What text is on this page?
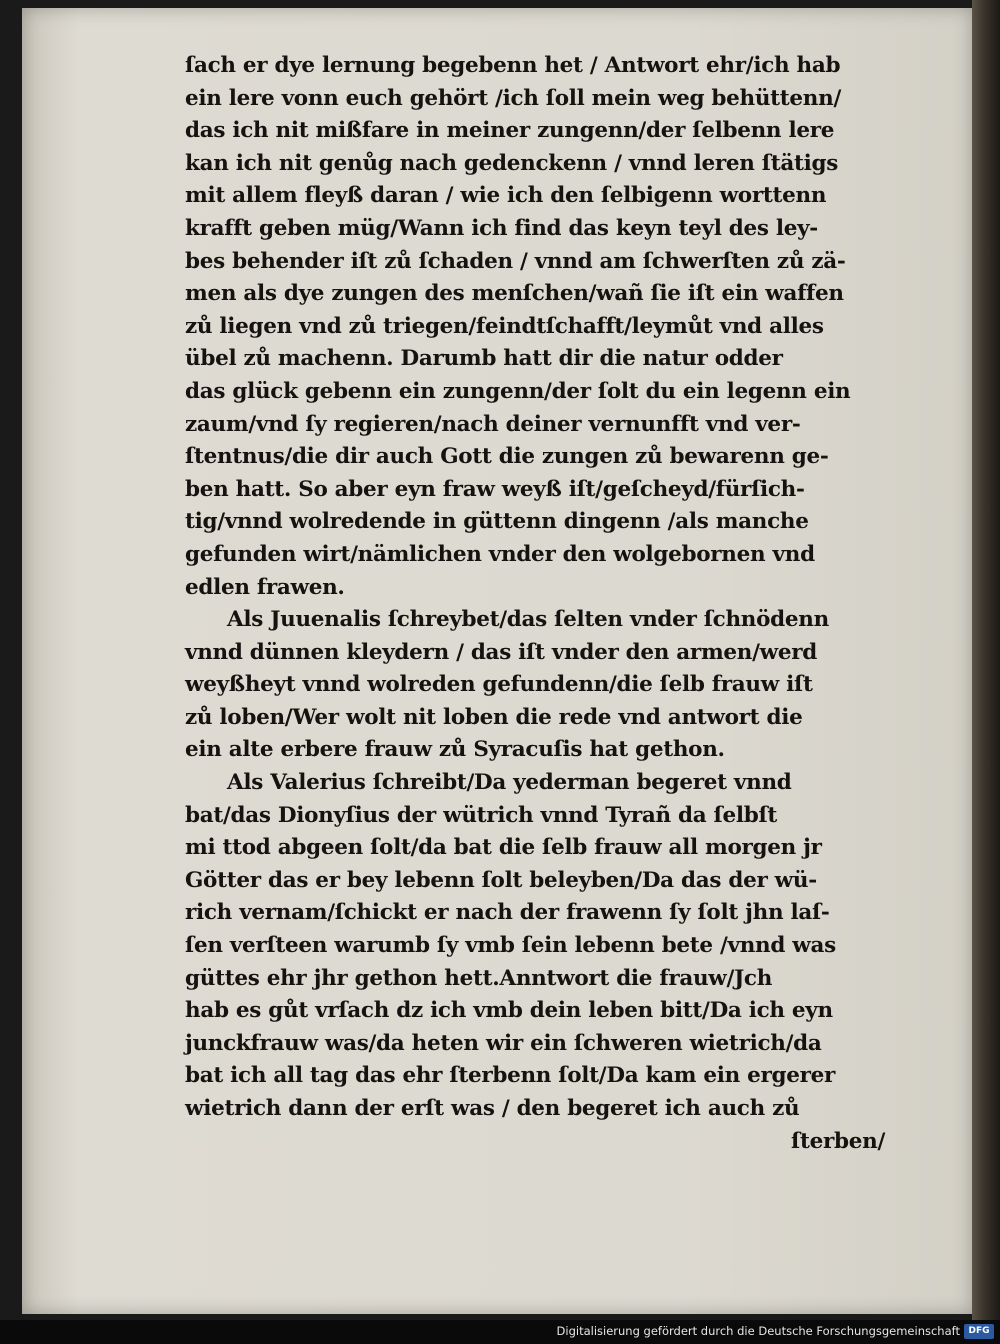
ſach er dye lernung begebenn het / Antwort ehr/ich hab
ein lere vonn euch gehört /ich ſoll mein weg behüttenn/
das ich nit mißfare in meiner zungenn/der ſelbenn lere
kan ich nit genůg nach gedenckenn / vnnd leren ſtätigs
mit allem fleyß daran / wie ich den ſelbigenn worttenn
krafft geben müg/Wann ich find das keyn teyl des ley-
bes behender iſt zů ſchaden / vnnd am ſchwerſten zů zä-
men als dye zungen des menſchen/wañ ſie iſt ein waffen
zů liegen vnd zů triegen/feindtſchafft/leymůt vnd alles
übel zů machenn. Darumb hatt dir die natur odder
das glück gebenn ein zungenn/der ſolt du ein legenn ein
zaum/vnd ſy regieren/nach deiner vernunfft vnd ver-
ſtentnus/die dir auch Gott die zungen zů bewarenn ge-
ben hatt. So aber eyn fraw weyß iſt/geſcheyd/fürſich-
tig/vnnd wolredende in güttenn dingenn /als manche
gefunden wirt/nämlichen vnder den wolgebornen vnd
edlen frawen.
Als Juuenalis ſchreybet/das ſelten vnder ſchnödenn
vnnd dünnen kleydern / das iſt vnder den armen/werd
weyßheyt vnnd wolreden gefundenn/die ſelb frauw iſt
zů loben/Wer wolt nit loben die rede vnd antwort die
ein alte erbere frauw zů Syracuſis hat gethon.
Als Valerius ſchreibt/Da yederman begeret vnnd
bat/das Dionyſius der wütrich vnnd Tyrañ da ſelbſt
mi ttod abgeen ſolt/da bat die ſelb frauw all morgen jr
Götter das er bey lebenn ſolt beleyben/Da das der wü-
rich vernam/ſchickt er nach der frawenn ſy ſolt jhn laſ-
ſen verſteen warumb ſy vmb ſein lebenn bete /vnnd was
güttes ehr jhr gethon hett.Anntwort die frauw/Jch
hab es gůt vrſach dz ich vmb dein leben bitt/Da ich eyn
junckfrauw was/da heten wir ein ſchweren wietrich/da
bat ich all tag das ehr ſterbenn ſolt/Da kam ein ergerer
wietrich dann der erſt was / den begeret ich auch zů
ſterben/
Digitalisierung gefördert durch die Deutsche Forschungsgemeinschaft DFG
